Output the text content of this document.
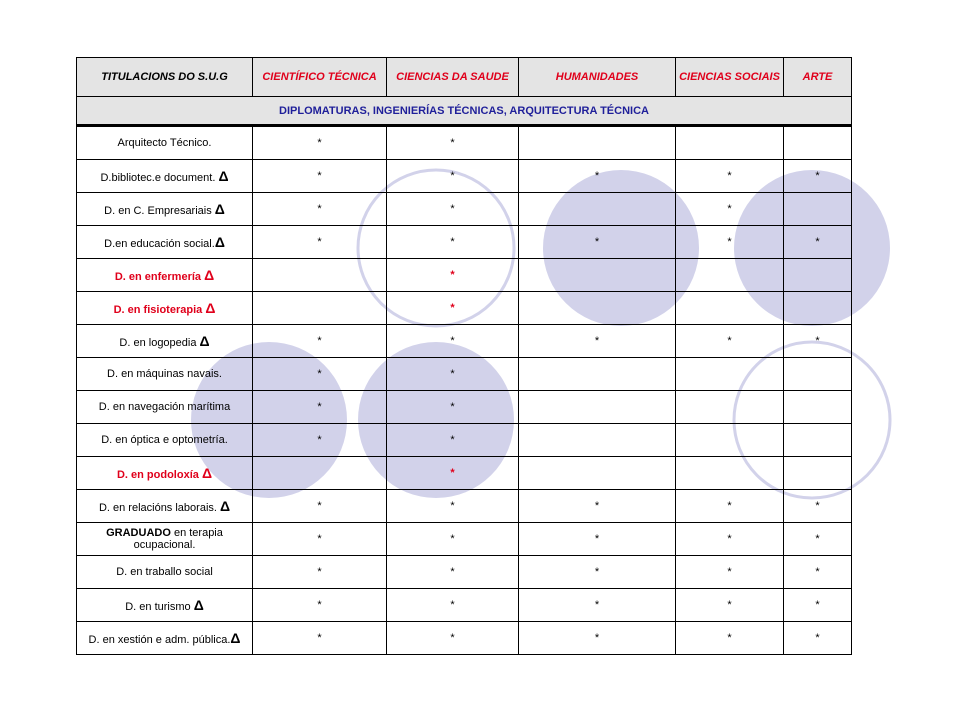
TITULACIONS DO S.U.G	CIENTÍFICO TÉCNICA	CIENCIAS DA SAUDE	HUMANIDADES	CIENCIAS SOCIAIS	ARTE
DIPLOMATURAS, INGENIERÍAS TÉCNICAS, ARQUITECTURA TÉCNICA					
Arquitecto Técnico.	*	*			
D.bibliotec.e document. Δ	*	*	*	*	*
D. en C. Empresariais Δ	*	*		*	
D.en educación social.Δ	*	*	*	*	*
D. en enfermería Δ		*			
D. en fisioterapia Δ		*			
D. en logopedia Δ	*	*	*	*	*
D. en máquinas navais.	*	*			
D. en navegación marítima	*	*			
D. en óptica e optometría.	*	*			
D. en podoloxía Δ		*			
D. en relacións laborais. Δ	*	*	*	*	*
GRADUADO en terapia ocupacional.	*	*	*	*	*
D. en traballo social	*	*	*	*	*
D. en turismo Δ	*	*	*	*	*
D. en xestión e adm. pública.Δ	*	*	*	*	*
